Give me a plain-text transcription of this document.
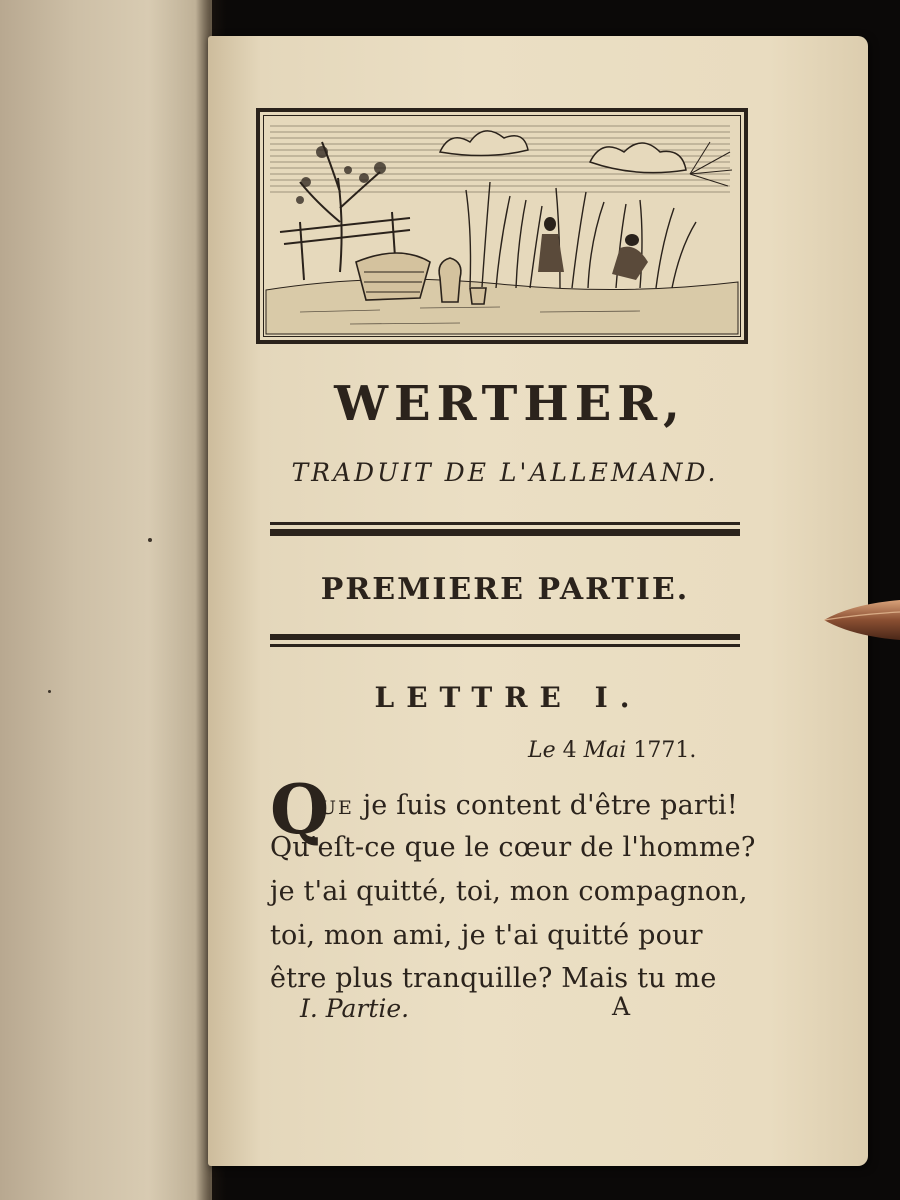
WERTHER,
TRADUIT DE L'ALLEMAND.
PREMIERE PARTIE.
LETTRE I.
Le 4 Mai 1771.
Q
UE je ſuis content d'être parti!
Qu'eſt-ce que le cœur de l'homme?
je t'ai quitté, toi, mon compagnon,
toi, mon ami, je t'ai quitté pour
être plus tranquille? Mais tu me
I. Partie.	A
